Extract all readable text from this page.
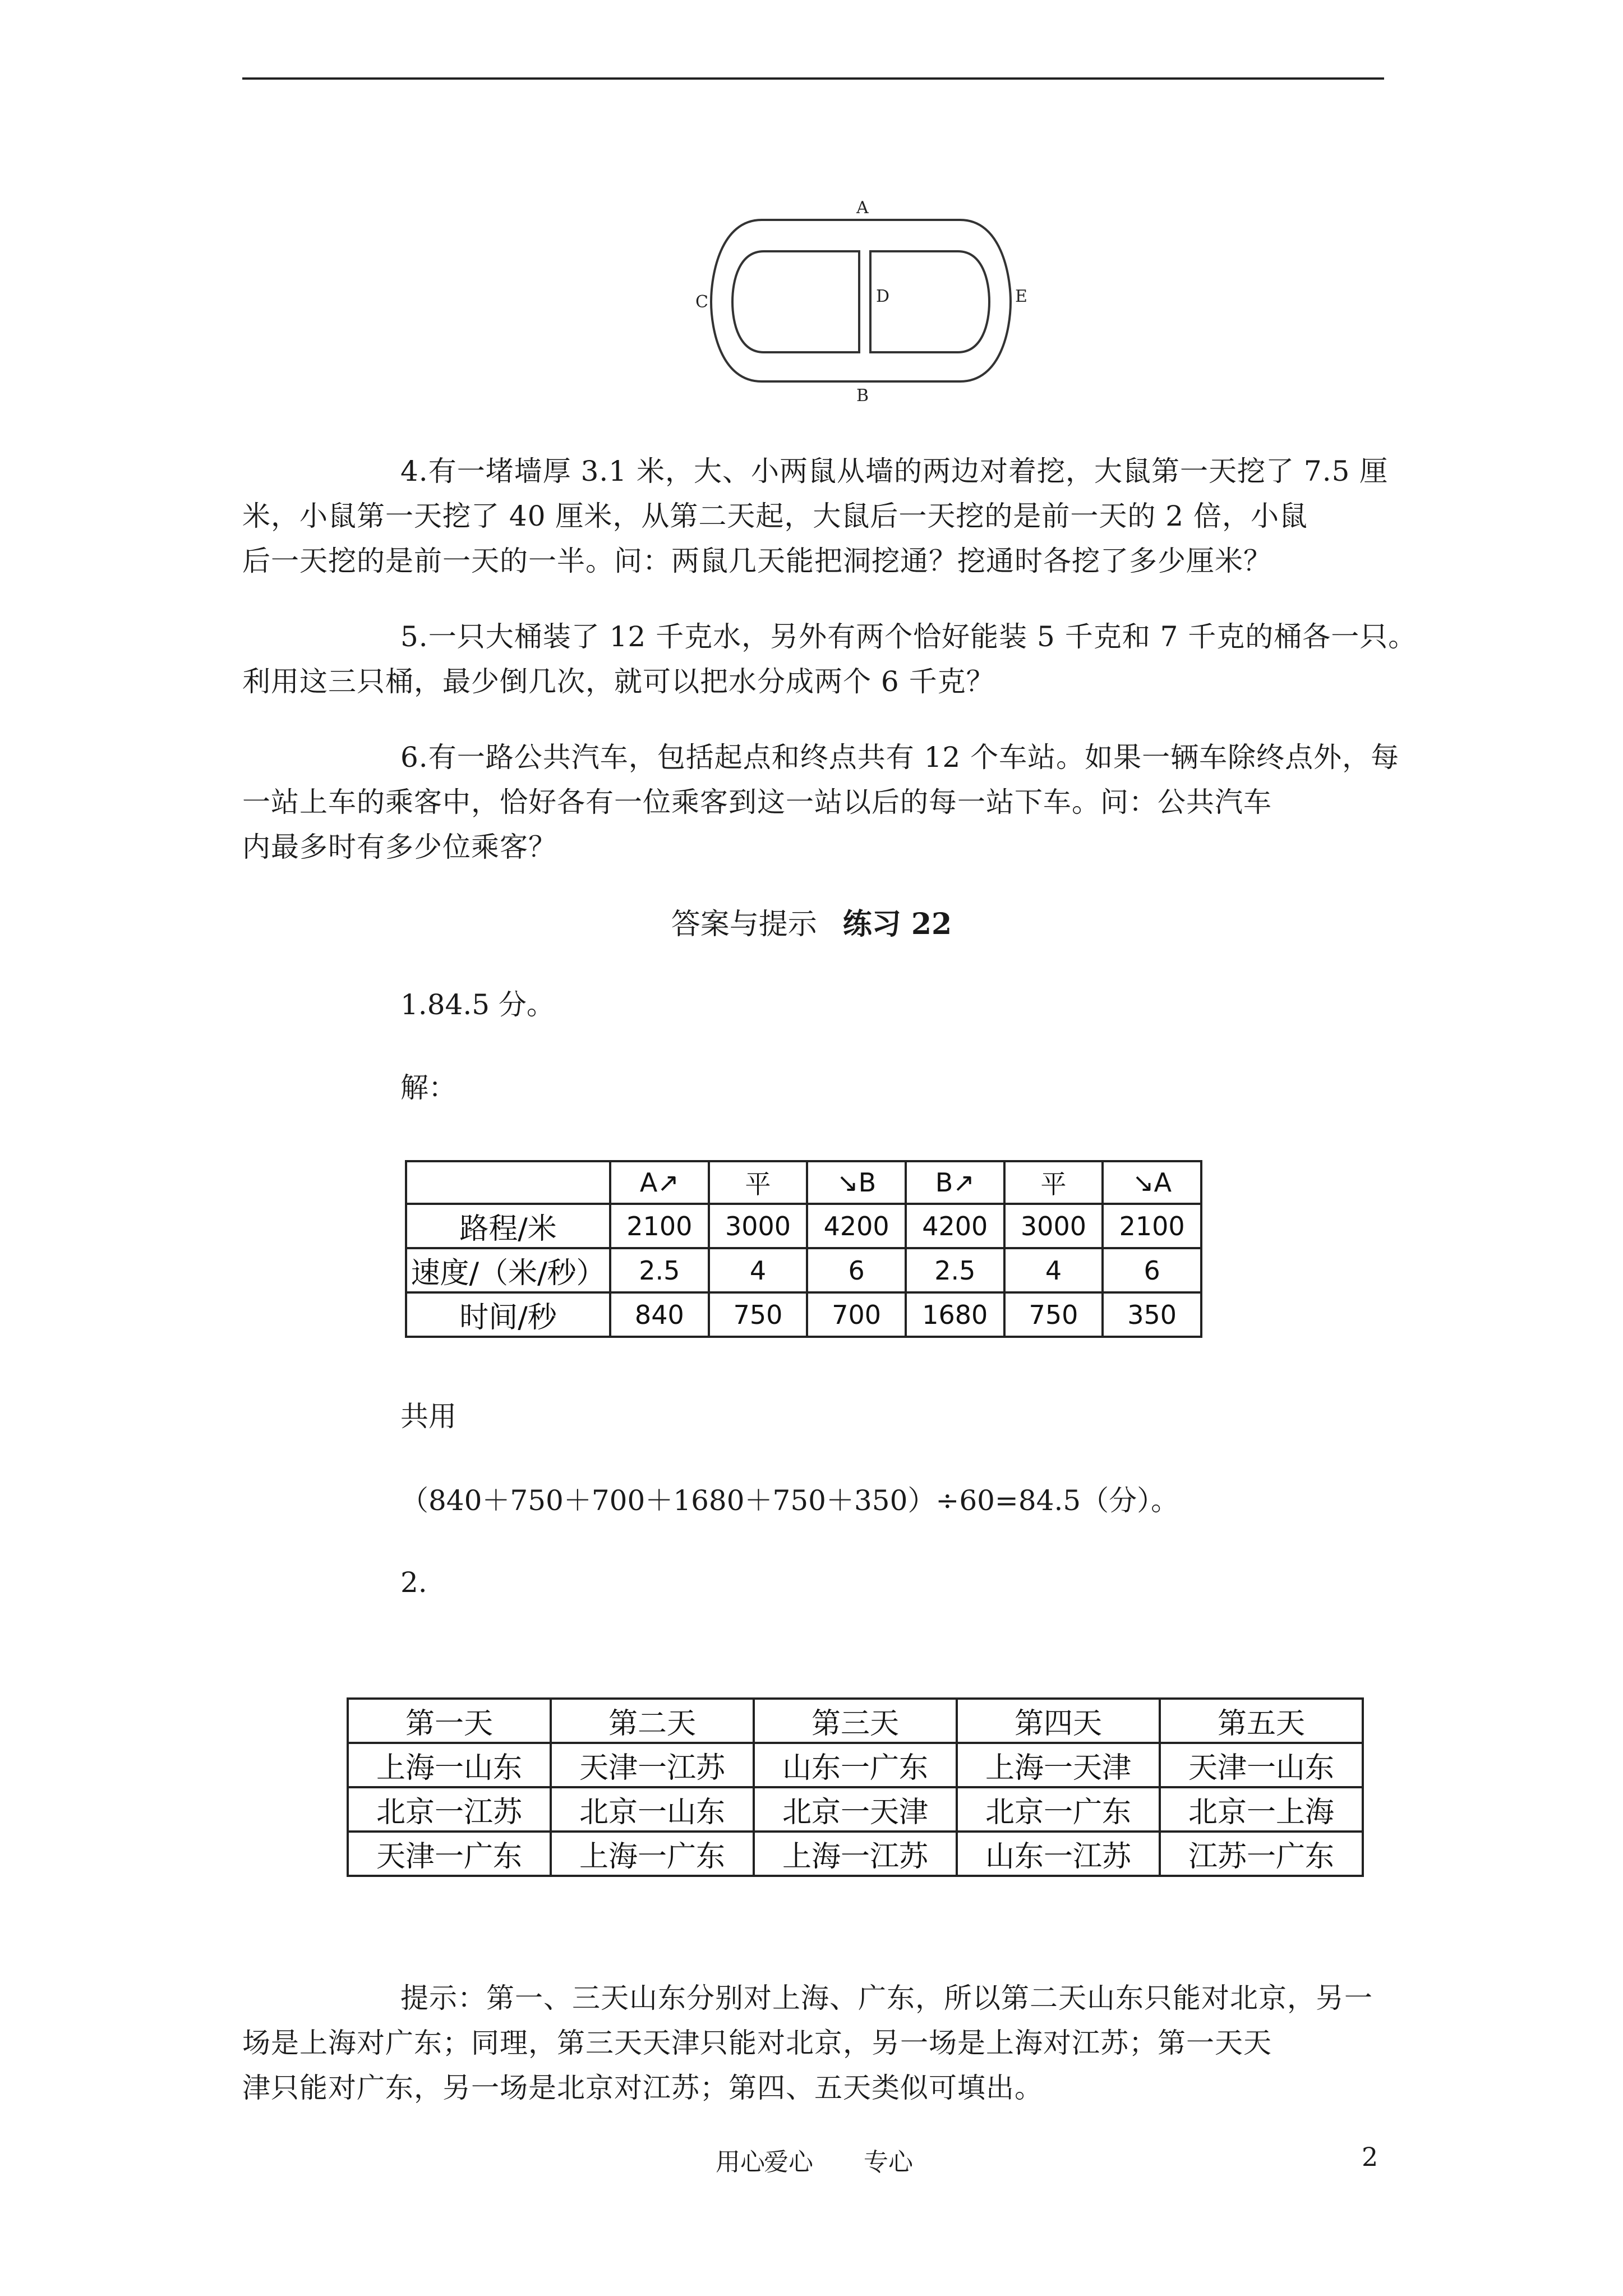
A
B
C	D	E
4.有一堵墙厚 3.1 米，大、小两鼠从墙的两边对着挖，大鼠第一天挖了 7.5 厘
米，小鼠第一天挖了 40 厘米，从第二天起，大鼠后一天挖的是前一天的 2 倍，小鼠
后一天挖的是前一天的一半。问：两鼠几天能把洞挖通？挖通时各挖了多少厘米？
5.一只大桶装了 12 千克水，另外有两个恰好能装 5 千克和 7 千克的桶各一只。
利用这三只桶，最少倒几次，就可以把水分成两个 6 千克？
6.有一路公共汽车，包括起点和终点共有 12 个车站。如果一辆车除终点外，每
一站上车的乘客中，恰好各有一位乘客到这一站以后的每一站下车。问：公共汽车
内最多时有多少位乘客？
答案与提示 练习 22
1.84.5 分。
解：
	A↗	平	↘B	B↗	平	↘A
路程/米	2100	3000	4200	4200	3000	2100
速度/（米/秒）	2.5	4	6	2.5	4	6
时间/秒	840	750	700	1680	750	350
共用
（840＋750＋700＋1680＋750＋350）÷60=84.5（分）。
2.
第一天	第二天	第三天	第四天	第五天
上海一山东	天津一江苏	山东一广东	上海一天津	天津一山东
北京一江苏	北京一山东	北京一天津	北京一广东	北京一上海
天津一广东	上海一广东	上海一江苏	山东一江苏	江苏一广东
提示：第一、三天山东分别对上海、广东，所以第二天山东只能对北京，另一
场是上海对广东；同理，第三天天津只能对北京，另一场是上海对江苏；第一天天
津只能对广东，另一场是北京对江苏；第四、五天类似可填出。
用心
爱心 专心	2
